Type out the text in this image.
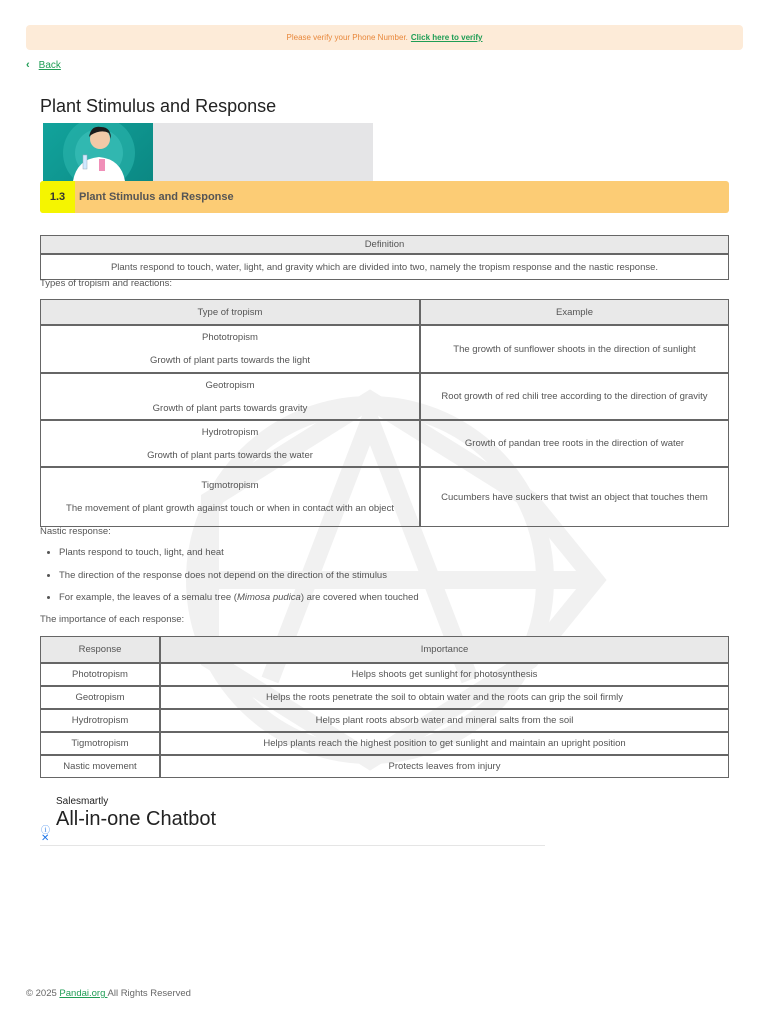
Please verify your Phone Number. Click here to verify
‹ Back
Plant Stimulus and Response
1.3	Plant Stimulus and Response
Definition
Plants respond to touch, water, light, and gravity which are divided into two, namely the tropism response and the nastic response.
Types of tropism and reactions:
Type of tropism	Example

Phototropism
Growth of plant parts towards the light	The growth of sunflower shoots in the direction of sunlight

Geotropism
Growth of plant parts towards gravity	Root growth of red chili tree according to the direction of gravity

Hydrotropism
Growth of plant parts towards the water	Growth of pandan tree roots in the direction of water

Tigmotropism
The movement of plant growth against touch or when in contact with an object	Cucumbers have suckers that twist an object that touches them
Nastic response:
• Plants respond to touch, light, and heat
• The direction of the response does not depend on the direction of the stimulus
• For example, the leaves of a semalu tree (Mimosa pudica) are covered when touched
The importance of each response:
Response	Importance
Phototropism	Helps shoots get sunlight for photosynthesis
Geotropism	Helps the roots penetrate the soil to obtain water and the roots can grip the soil firmly
Hydrotropism	Helps plant roots absorb water and mineral salts from the soil
Tigmotropism	Helps plants reach the highest position to get sunlight and maintain an upright position
Nastic movement	Protects leaves from injury
Salesmartly
All-in-one Chatbot
ⓘ
✕
© 2025 Pandai.org All Rights Reserved
